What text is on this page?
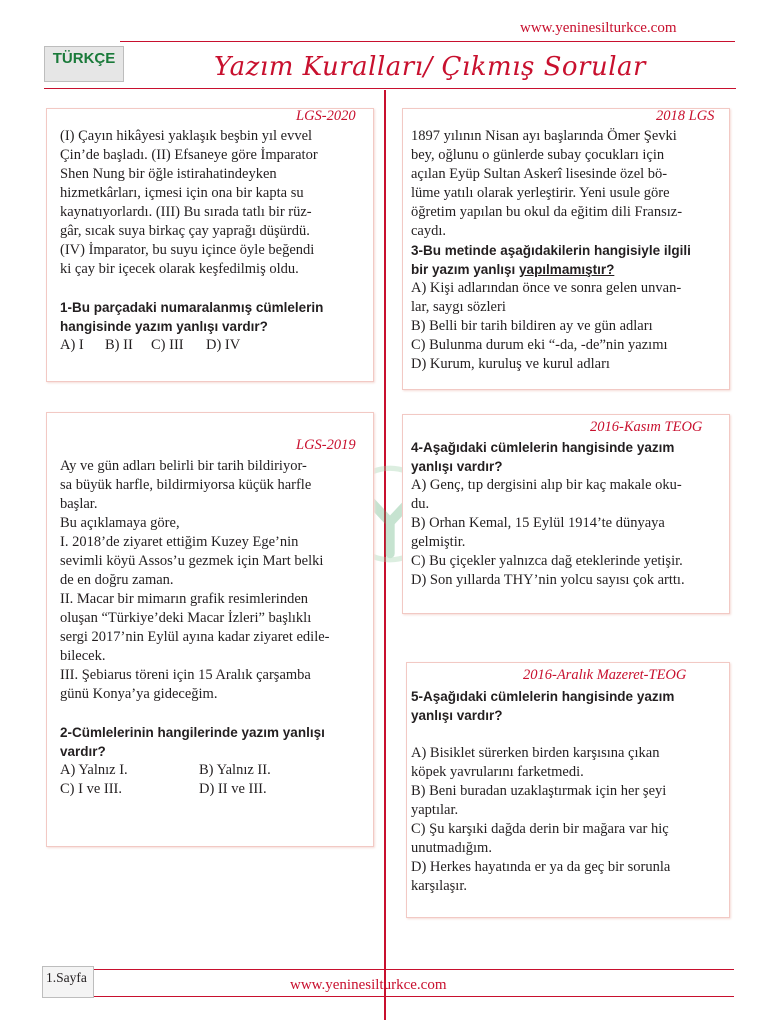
www.yeninesilturkce.com
TÜRKÇE	Yazım Kuralları/ Çıkmış Sorular
LGS-2020

(I) Çayın hikâyesi yaklaşık beşbin yıl evvel

Çin’de başladı. (II) Efsaneye göre İmparator

Shen Nung bir öğle istirahatindeyken

hizmetkârları, içmesi için ona bir kapta su

kaynatıyorlardı. (III) Bu sırada tatlı bir rüz-

gâr, sıcak suya birkaç çay yaprağı düşürdü.

(IV) İmparator, bu suyu içince öyle beğendi

ki çay bir içecek olarak keşfedilmiş oldu.

1-Bu parçadaki numaralanmış cümlelerin

hangisinde yazım yanlışı vardır?

A) I	B) II	C) III	D) IV
LGS-2019

Ay ve gün adları belirli bir tarih bildiriyor-

sa büyük harfle, bildirmiyorsa küçük harfle

başlar.

Bu açıklamaya göre,

I. 2018’de ziyaret ettiğim Kuzey Ege’nin

sevimli köyü Assos’u gezmek için Mart belki

de en doğru zaman.

II. Macar bir mimarın grafik resimlerinden

oluşan “Türkiye’deki Macar İzleri” başlıklı

sergi 2017’nin Eylül ayına kadar ziyaret edile-

bilecek.

III. Şebiarus töreni için 15 Aralık çarşamba

günü Konya’ya gideceğim.

2-Cümlelerinin hangilerinde yazım yanlışı

vardır?

A) Yalnız I.	B) Yalnız II.
C) I ve III.	D) II ve III.
2018 LGS

1897 yılının Nisan ayı başlarında Ömer Şevki

bey, oğlunu o günlerde subay çocukları için

açılan Eyüp Sultan Askerî lisesinde özel bö-

lüme yatılı olarak yerleştirir. Yeni usule göre

öğretim yapılan bu okul da eğitim dili Fransız-

caydı.

3-Bu metinde aşağıdakilerin hangisiyle ilgili

bir yazım yanlışı yapılmamıştır?

A) Kişi adlarından önce ve sonra gelen unvan-

lar, saygı sözleri

B) Belli bir tarih bildiren ay ve gün adları

C) Bulunma durum eki “-da, -de”nin yazımı

D) Kurum, kuruluş ve kurul adları

2016-Kasım TEOG

4-Aşağıdaki cümlelerin hangisinde yazım

yanlışı vardır?

A) Genç, tıp dergisini alıp bir kaç makale oku-

du.

B) Orhan Kemal, 15 Eylül 1914’te dünyaya

gelmiştir.

C) Bu çiçekler yalnızca dağ eteklerinde yetişir.

D) Son yıllarda THY’nin yolcu sayısı çok arttı.

2016-Aralık Mazeret-TEOG

5-Aşağıdaki cümlelerin hangisinde yazım

yanlışı vardır?

A) Bisiklet sürerken birden karşısına çıkan

köpek yavrularını farketmedi.

B) Beni buradan uzaklaştırmak için her şeyi

yaptılar.

C) Şu karşıki dağda derin bir mağara var hiç

unutmadığım.

D) Herkes hayatında er ya da geç bir sorunla

karşılaşır.

1.Sayfa	www.yeninesilturkce.com
